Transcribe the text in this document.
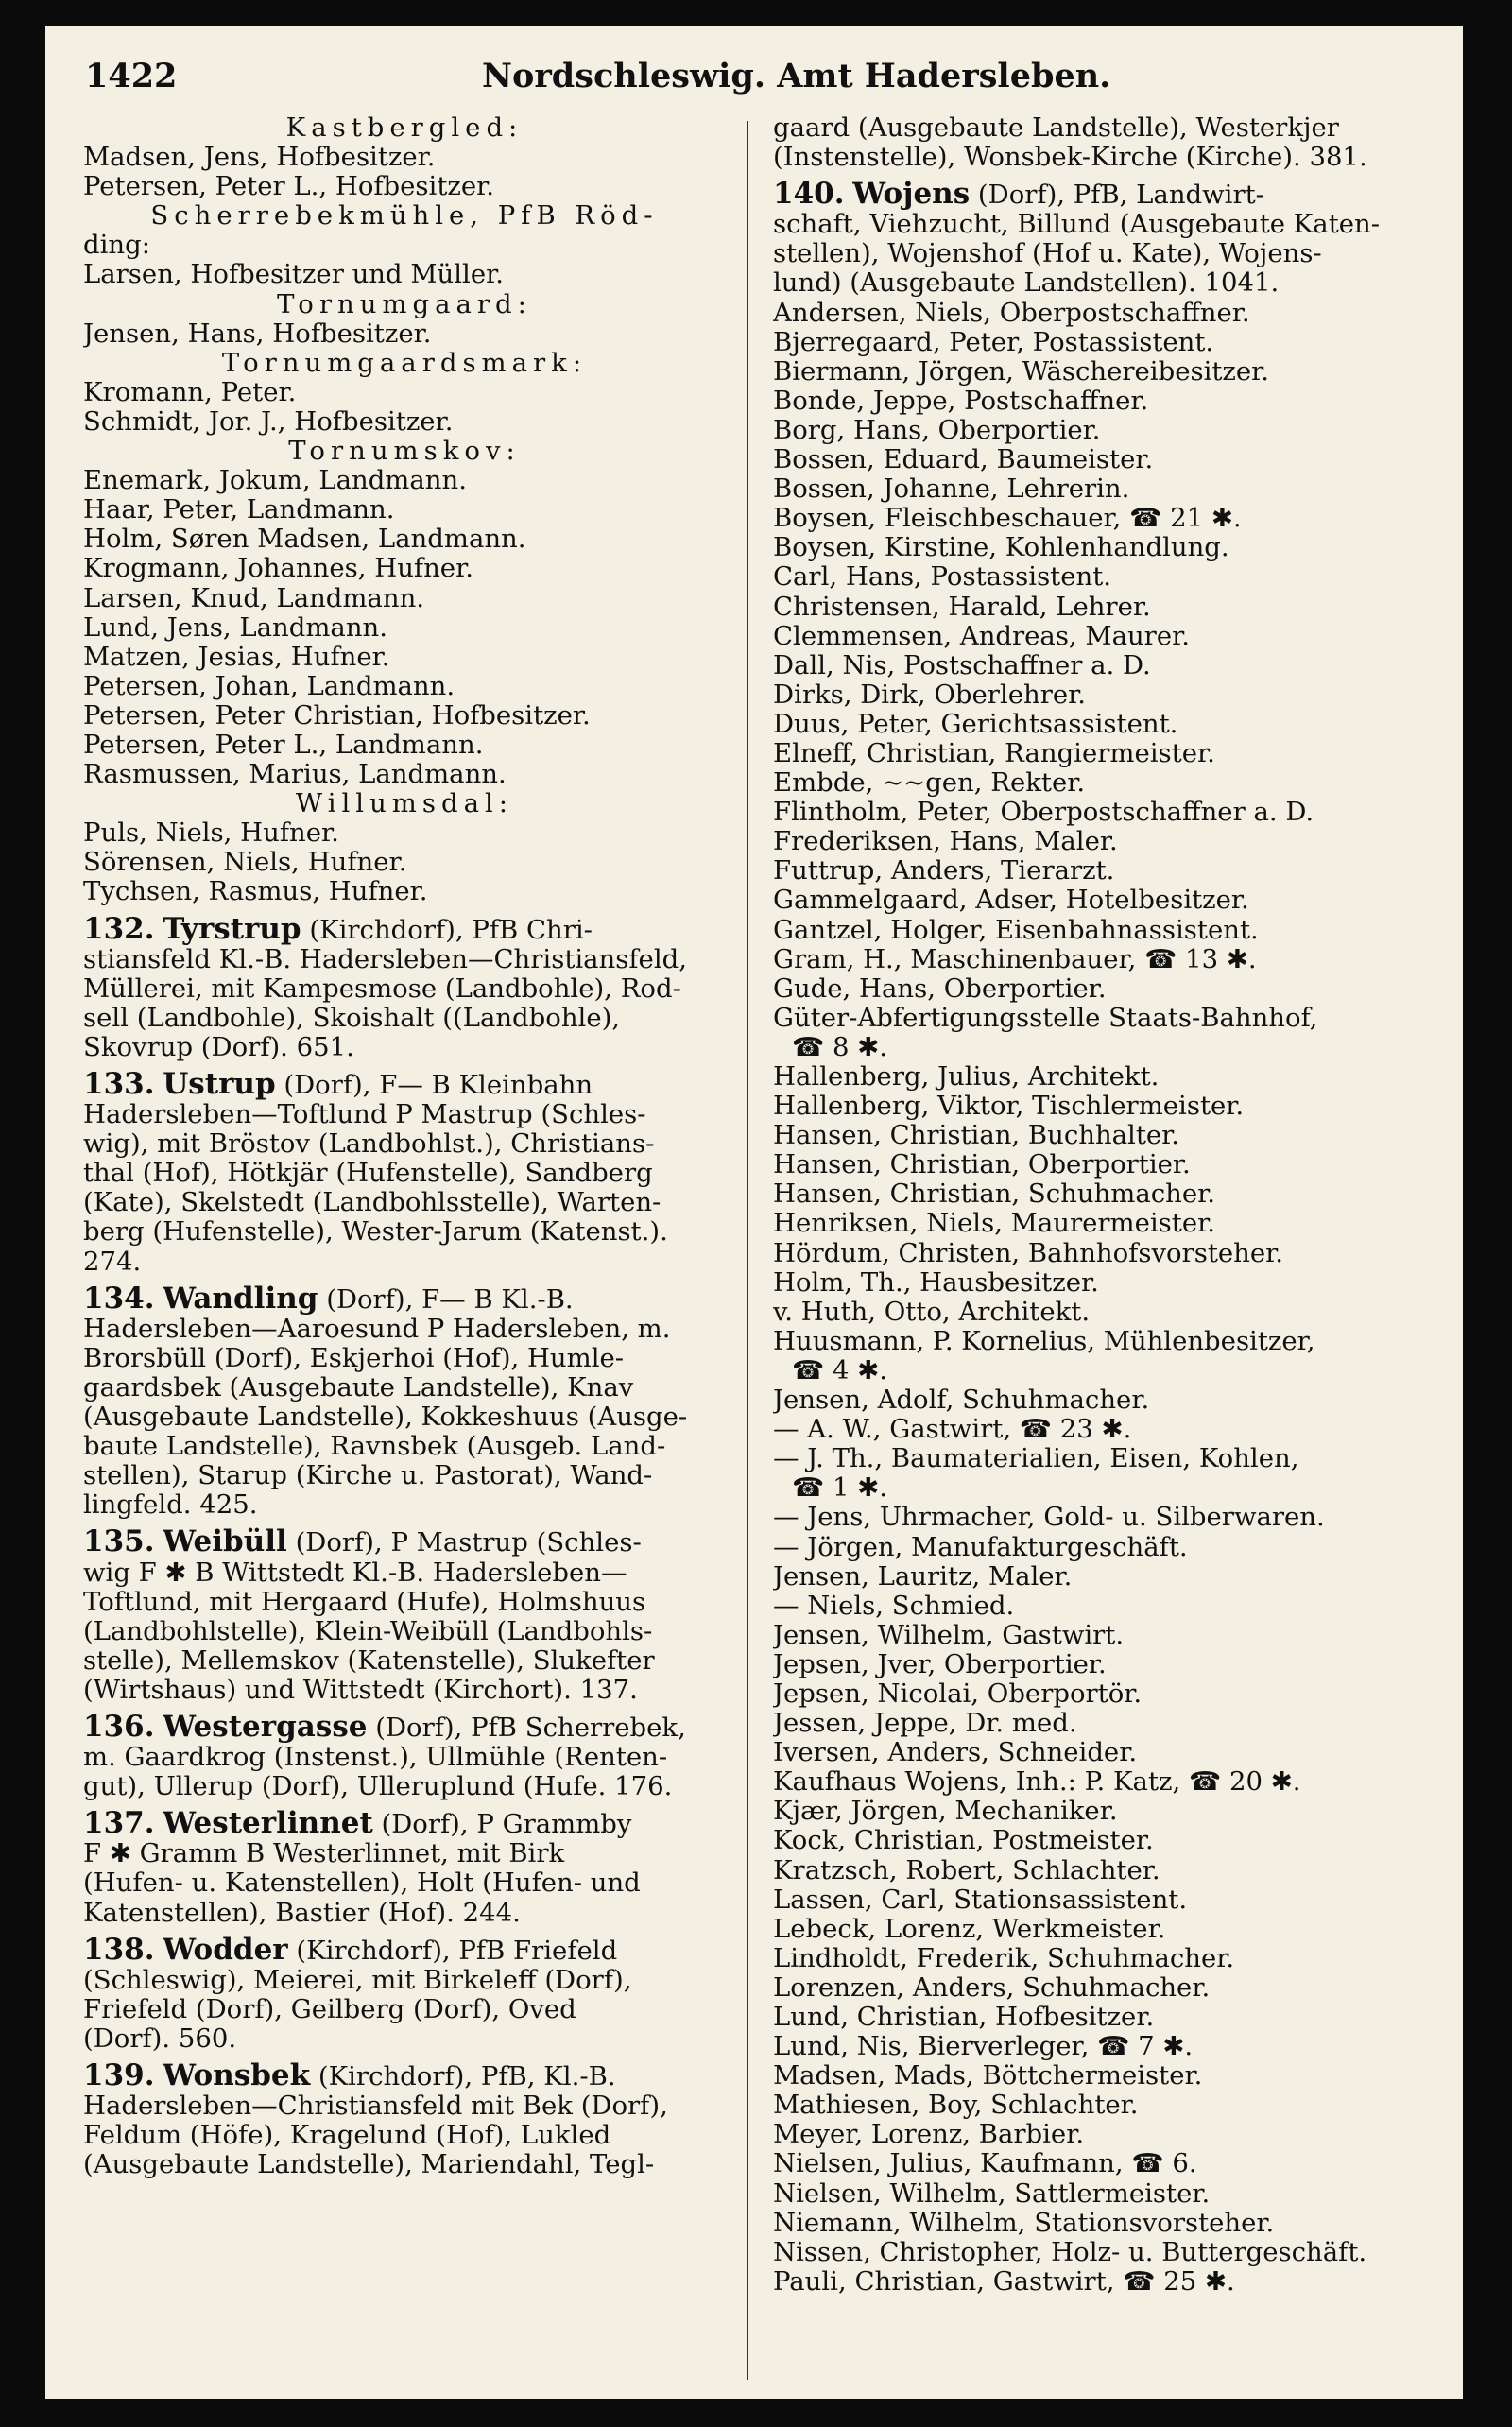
1422	Nordschleswig. Amt Hadersleben.
Kastbergled:
Madsen, Jens, Hofbesitzer.
Petersen, Peter L., Hofbesitzer.
Scherrebekmühle, PfB Röd-
ding:
Larsen, Hofbesitzer und Müller.
Tornumgaard:
Jensen, Hans, Hofbesitzer.
Tornumgaardsmark:
Kromann, Peter.
Schmidt, Jor. J., Hofbesitzer.
Tornumskov:
Enemark, Jokum, Landmann.
Haar, Peter, Landmann.
Holm, Søren Madsen, Landmann.
Krogmann, Johannes, Hufner.
Larsen, Knud, Landmann.
Lund, Jens, Landmann.
Matzen, Jesias, Hufner.
Petersen, Johan, Landmann.
Petersen, Peter Christian, Hofbesitzer.
Petersen, Peter L., Landmann.
Rasmussen, Marius, Landmann.
Willumsdal:
Puls, Niels, Hufner.
Sörensen, Niels, Hufner.
Tychsen, Rasmus, Hufner.
132. Tyrstrup (Kirchdorf), PfB Chri-
stiansfeld Kl.-B. Hadersleben—Christiansfeld,
Müllerei, mit Kampesmose (Landbohle), Rod-
sell (Landbohle), Skoishalt ((Landbohle),
Skovrup (Dorf). 651.
133. Ustrup (Dorf), F— B Kleinbahn
Hadersleben—Toftlund P Mastrup (Schles-
wig), mit Bröstov (Landbohlst.), Christians-
thal (Hof), Hötkjär (Hufenstelle), Sandberg
(Kate), Skelstedt (Landbohlsstelle), Warten-
berg (Hufenstelle), Wester-Jarum (Katenst.).
274.
134. Wandling (Dorf), F— B Kl.-B.
Hadersleben—Aaroesund P Hadersleben, m.
Brorsbüll (Dorf), Eskjerhoi (Hof), Humle-
gaardsbek (Ausgebaute Landstelle), Knav
(Ausgebaute Landstelle), Kokkeshuus (Ausge-
baute Landstelle), Ravnsbek (Ausgeb. Land-
stellen), Starup (Kirche u. Pastorat), Wand-
lingfeld. 425.
135. Weibüll (Dorf), P Mastrup (Schles-
wig F ✱ B Wittstedt Kl.-B. Hadersleben—
Toftlund, mit Hergaard (Hufe), Holmshuus
(Landbohlstelle), Klein-Weibüll (Landbohls-
stelle), Mellemskov (Katenstelle), Slukefter
(Wirtshaus) und Wittstedt (Kirchort). 137.
136. Westergasse (Dorf), PfB Scherrebek,
m. Gaardkrog (Instenst.), Ullmühle (Renten-
gut), Ullerup (Dorf), Ulleruplund (Hufe. 176.
137. Westerlinnet (Dorf), P Grammby
F ✱ Gramm B Westerlinnet, mit Birk
(Hufen- u. Katenstellen), Holt (Hufen- und
Katenstellen), Bastier (Hof). 244.
138. Wodder (Kirchdorf), PfB Friefeld
(Schleswig), Meierei, mit Birkeleff (Dorf),
Friefeld (Dorf), Geilberg (Dorf), Oved
(Dorf). 560.
139. Wonsbek (Kirchdorf), PfB, Kl.-B.
Hadersleben—Christiansfeld mit Bek (Dorf),
Feldum (Höfe), Kragelund (Hof), Lukled
(Ausgebaute Landstelle), Mariendahl, Tegl-
gaard (Ausgebaute Landstelle), Westerkjer
(Instenstelle), Wonsbek-Kirche (Kirche). 381.
140. Wojens (Dorf), PfB, Landwirt-
schaft, Viehzucht, Billund (Ausgebaute Katen-
stellen), Wojenshof (Hof u. Kate), Wojens-
lund) (Ausgebaute Landstellen). 1041.
Andersen, Niels, Oberpostschaffner.
Bjerregaard, Peter, Postassistent.
Biermann, Jörgen, Wäschereibesitzer.
Bonde, Jeppe, Postschaffner.
Borg, Hans, Oberportier.
Bossen, Eduard, Baumeister.
Bossen, Johanne, Lehrerin.
Boysen, Fleischbeschauer, ☎ 21 ✱.
Boysen, Kirstine, Kohlenhandlung.
Carl, Hans, Postassistent.
Christensen, Harald, Lehrer.
Clemmensen, Andreas, Maurer.
Dall, Nis, Postschaffner a. D.
Dirks, Dirk, Oberlehrer.
Duus, Peter, Gerichtsassistent.
Elneff, Christian, Rangiermeister.
Embde, ~~gen, Rekter.
Flintholm, Peter, Oberpostschaffner a. D.
Frederiksen, Hans, Maler.
Futtrup, Anders, Tierarzt.
Gammelgaard, Adser, Hotelbesitzer.
Gantzel, Holger, Eisenbahnassistent.
Gram, H., Maschinenbauer, ☎ 13 ✱.
Gude, Hans, Oberportier.
Güter-Abfertigungsstelle Staats-Bahnhof,
☎ 8 ✱.
Hallenberg, Julius, Architekt.
Hallenberg, Viktor, Tischlermeister.
Hansen, Christian, Buchhalter.
Hansen, Christian, Oberportier.
Hansen, Christian, Schuhmacher.
Henriksen, Niels, Maurermeister.
Hördum, Christen, Bahnhofsvorsteher.
Holm, Th., Hausbesitzer.
v. Huth, Otto, Architekt.
Huusmann, P. Kornelius, Mühlenbesitzer,
☎ 4 ✱.
Jensen, Adolf, Schuhmacher.
— A. W., Gastwirt, ☎ 23 ✱.
— J. Th., Baumaterialien, Eisen, Kohlen,
☎ 1 ✱.
— Jens, Uhrmacher, Gold- u. Silberwaren.
— Jörgen, Manufakturgeschäft.
Jensen, Lauritz, Maler.
— Niels, Schmied.
Jensen, Wilhelm, Gastwirt.
Jepsen, Jver, Oberportier.
Jepsen, Nicolai, Oberportör.
Jessen, Jeppe, Dr. med.
Iversen, Anders, Schneider.
Kaufhaus Wojens, Inh.: P. Katz, ☎ 20 ✱.
Kjær, Jörgen, Mechaniker.
Kock, Christian, Postmeister.
Kratzsch, Robert, Schlachter.
Lassen, Carl, Stationsassistent.
Lebeck, Lorenz, Werkmeister.
Lindholdt, Frederik, Schuhmacher.
Lorenzen, Anders, Schuhmacher.
Lund, Christian, Hofbesitzer.
Lund, Nis, Bierverleger, ☎ 7 ✱.
Madsen, Mads, Böttchermeister.
Mathiesen, Boy, Schlachter.
Meyer, Lorenz, Barbier.
Nielsen, Julius, Kaufmann, ☎ 6.
Nielsen, Wilhelm, Sattlermeister.
Niemann, Wilhelm, Stationsvorsteher.
Nissen, Christopher, Holz- u. Buttergeschäft.
Pauli, Christian, Gastwirt, ☎ 25 ✱.
